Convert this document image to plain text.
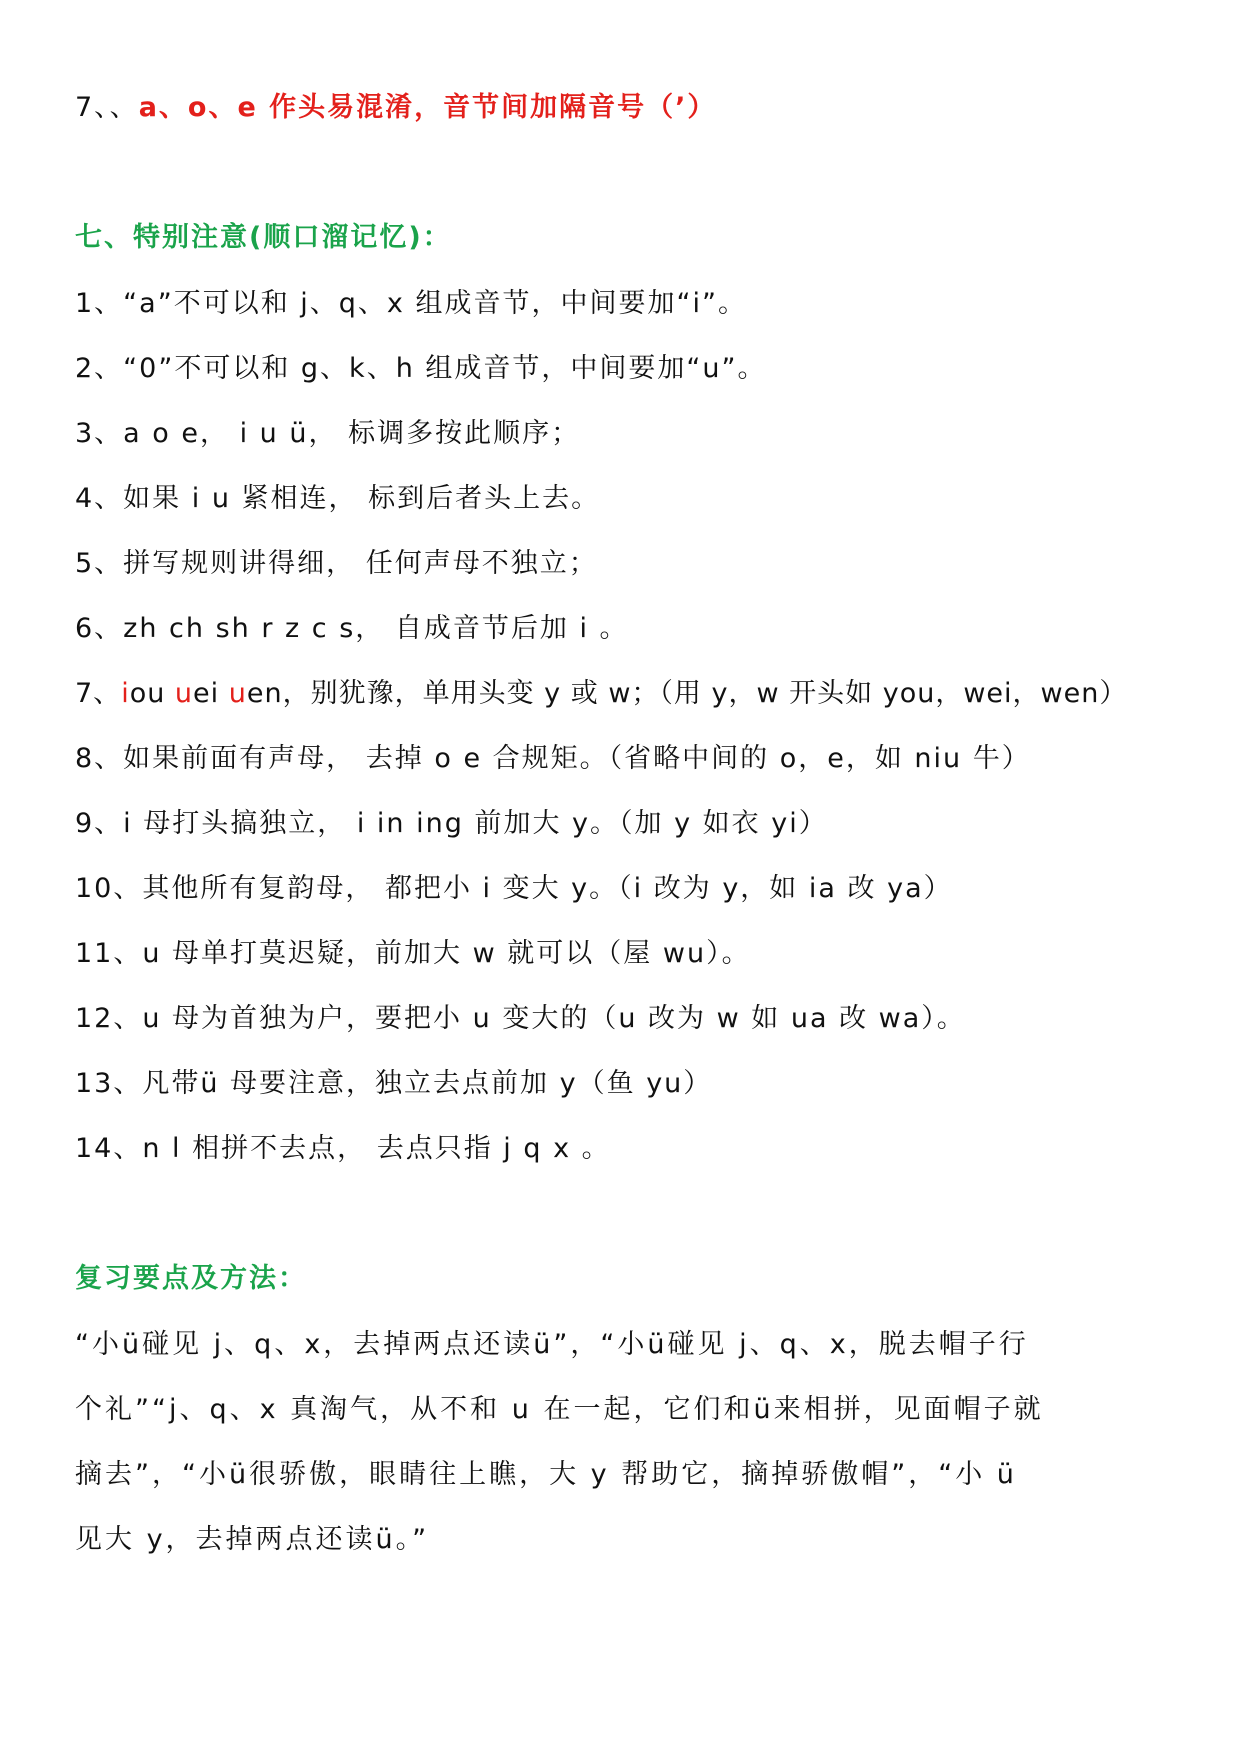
7、、a、o、e 作头易混淆，音节间加隔音号（’）
七、特别注意(顺口溜记忆)：
1、“a”不可以和 j、q、x 组成音节，中间要加“i”。
2、“0”不可以和 g、k、h 组成音节，中间要加“u”。
3、a o e， i u ü， 标调多按此顺序；
4、如果 i u 紧相连， 标到后者头上去。
5、拼写规则讲得细， 任何声母不独立；
6、zh ch sh r z c s， 自成音节后加 i 。
7、iou uei uen，别犹豫，单用头变 y 或 w；（用 y，w 开头如 you，wei，wen）
8、如果前面有声母， 去掉 o e 合规矩。（省略中间的 o，e，如 niu 牛）
9、i 母打头搞独立， i in ing 前加大 y。（加 y 如衣 yi）
10、其他所有复韵母， 都把小 i 变大 y。（i 改为 y，如 ia 改 ya）
11、u 母单打莫迟疑，前加大 w 就可以（屋 wu）。
12、u 母为首独为户，要把小 u 变大的（u 改为 w 如 ua 改 wa）。
13、凡带ü 母要注意，独立去点前加 y（鱼 yu）
14、n l 相拼不去点， 去点只指 j q x 。
复习要点及方法：
“小ü碰见 j、q、x，去掉两点还读ü”，“小ü碰见 j、q、x，脱去帽子行
个礼”“j、q、x 真淘气，从不和 u 在一起，它们和ü来相拼，见面帽子就
摘去”，“小ü很骄傲，眼睛往上瞧，大 y 帮助它，摘掉骄傲帽”，“小 ü
见大 y，去掉两点还读ü。”
